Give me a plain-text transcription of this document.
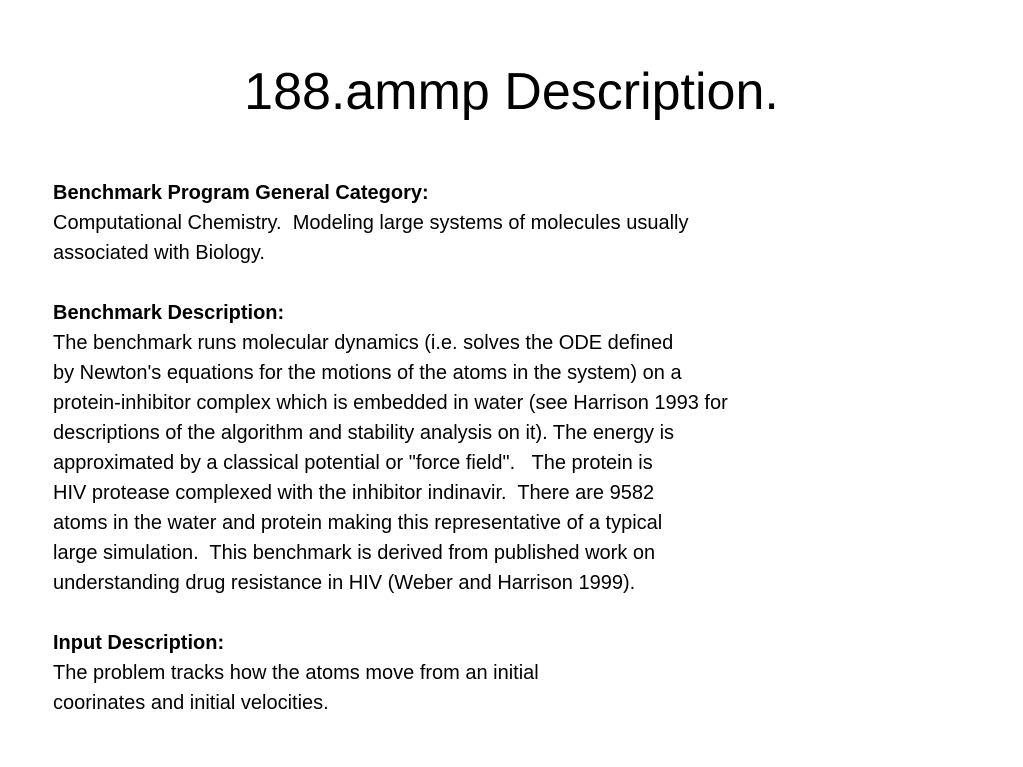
188.ammp Description.
Benchmark Program General Category:
Computational Chemistry.  Modeling large systems of molecules usually
associated with Biology.
Benchmark Description:
The benchmark runs molecular dynamics (i.e. solves the ODE defined
by Newton's equations for the motions of the atoms in the system) on a
protein-inhibitor complex which is embedded in water (see Harrison 1993 for
descriptions of the algorithm and stability analysis on it). The energy is
approximated by a classical potential or "force field".   The protein is
HIV protease complexed with the inhibitor indinavir.  There are 9582
atoms in the water and protein making this representative of a typical
large simulation.  This benchmark is derived from published work on
understanding drug resistance in HIV (Weber and Harrison 1999).
Input Description:
The problem tracks how the atoms move from an initial
coorinates and initial velocities.
